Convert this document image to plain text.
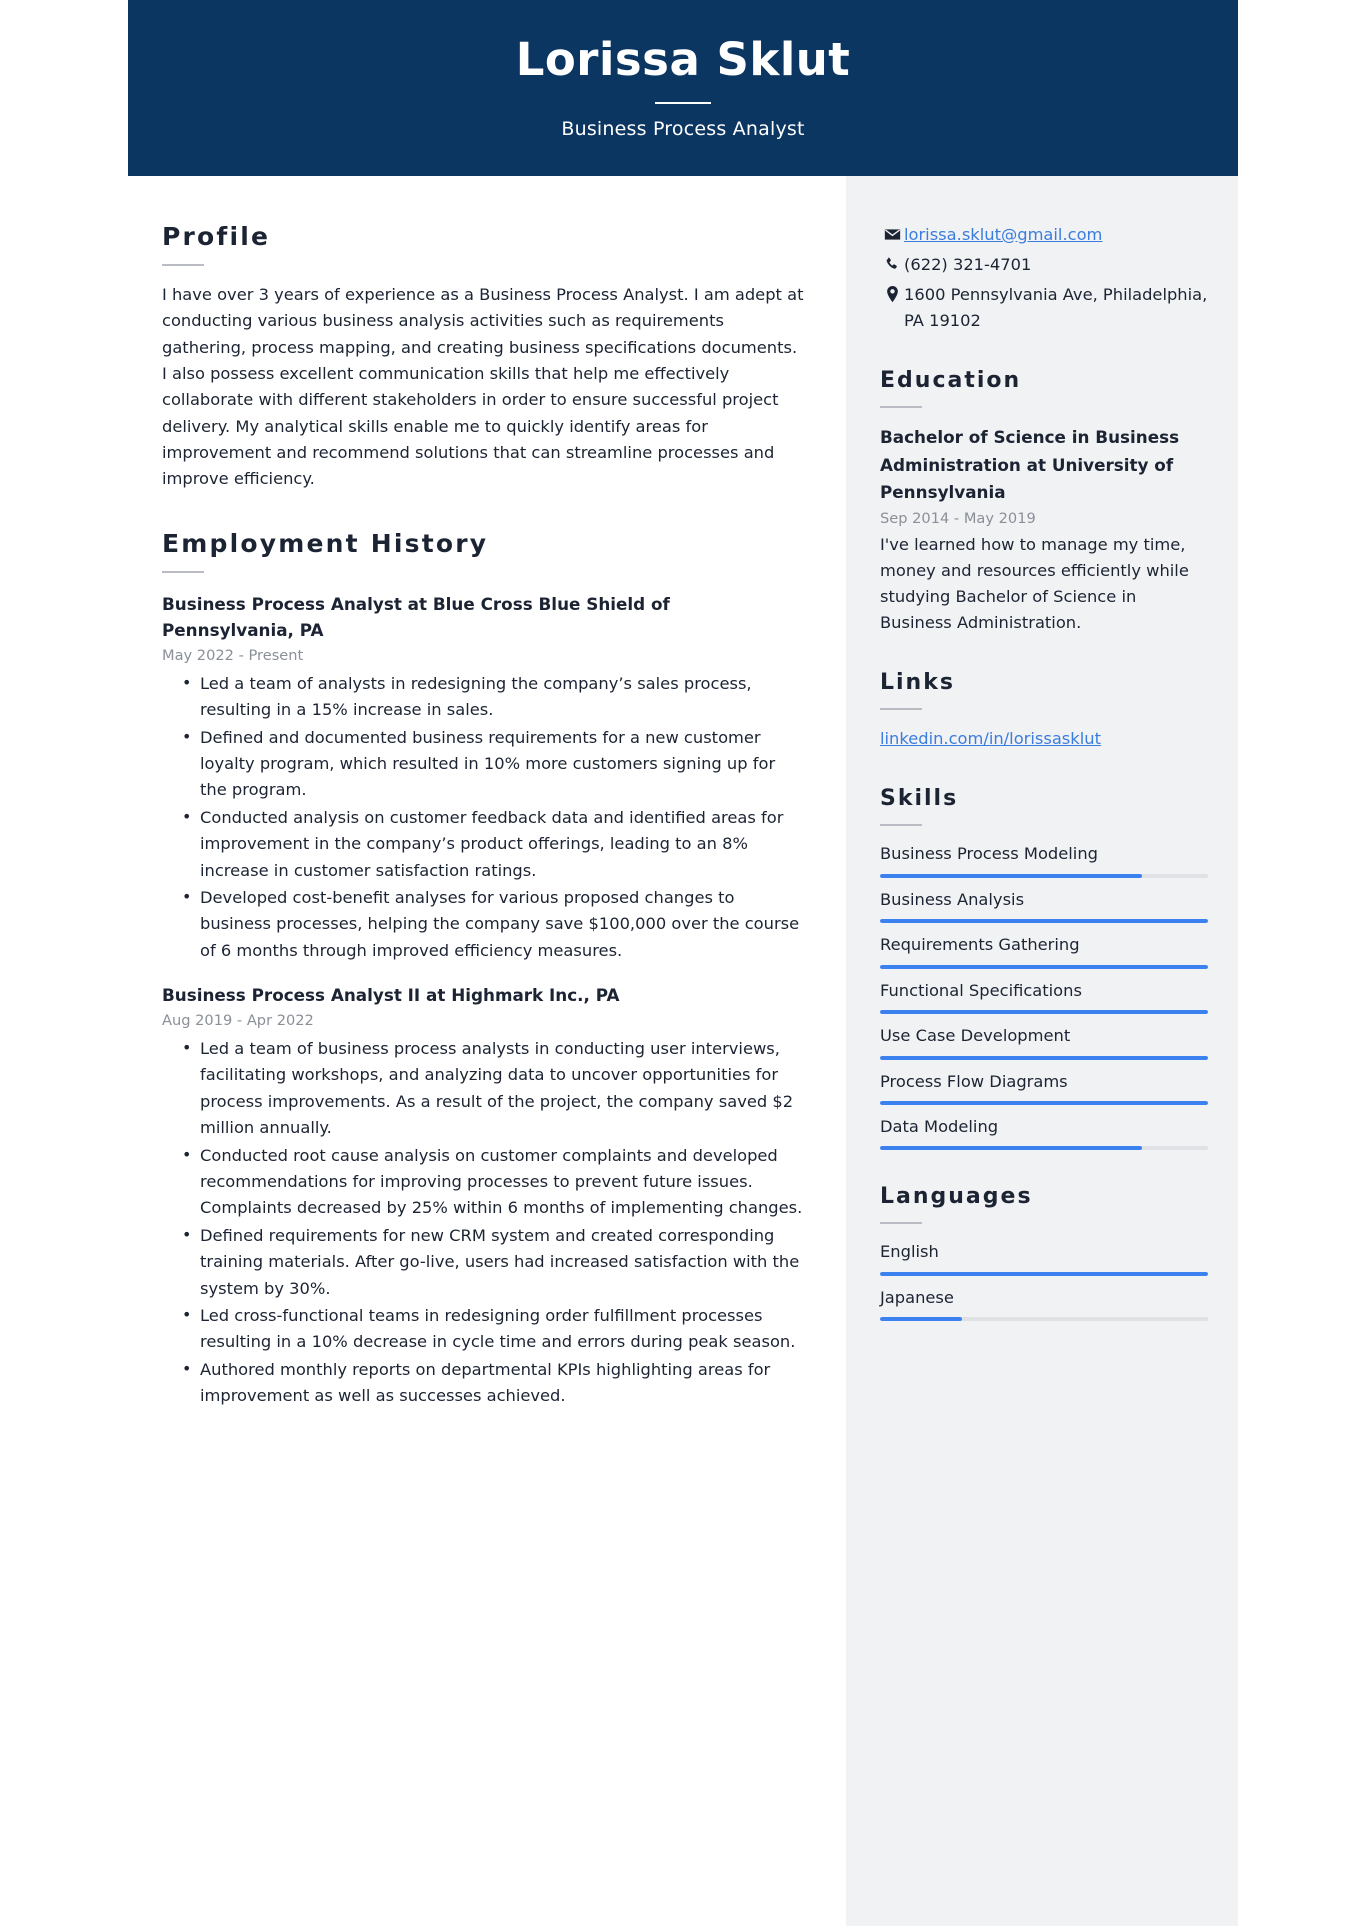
Lorissa Sklut
Business Process Analyst
Profile
I have over 3 years of experience as a Business Process Analyst. I am adept at conducting various business analysis activities such as requirements gathering, process mapping, and creating business specifications documents. I also possess excellent communication skills that help me effectively collaborate with different stakeholders in order to ensure successful project delivery. My analytical skills enable me to quickly identify areas for improvement and recommend solutions that can streamline processes and improve efficiency.
Employment History
Business Process Analyst at Blue Cross Blue Shield of Pennsylvania, PA
May 2022 - Present
• Led a team of analysts in redesigning the company’s sales process, resulting in a 15% increase in sales.
• Defined and documented business requirements for a new customer loyalty program, which resulted in 10% more customers signing up for the program.
• Conducted analysis on customer feedback data and identified areas for improvement in the company’s product offerings, leading to an 8% increase in customer satisfaction ratings.
• Developed cost-benefit analyses for various proposed changes to business processes, helping the company save $100,000 over the course of 6 months through improved efficiency measures.
Business Process Analyst II at Highmark Inc., PA
Aug 2019 - Apr 2022
• Led a team of business process analysts in conducting user interviews, facilitating workshops, and analyzing data to uncover opportunities for process improvements. As a result of the project, the company saved $2 million annually.
• Conducted root cause analysis on customer complaints and developed recommendations for improving processes to prevent future issues. Complaints decreased by 25% within 6 months of implementing changes.
• Defined requirements for new CRM system and created corresponding training materials. After go-live, users had increased satisfaction with the system by 30%.
• Led cross-functional teams in redesigning order fulfillment processes resulting in a 10% decrease in cycle time and errors during peak season.
• Authored monthly reports on departmental KPIs highlighting areas for improvement as well as successes achieved.
lorissa.sklut@gmail.com
(622) 321-4701
1600 Pennsylvania Ave, Philadelphia, PA 19102
Education
Bachelor of Science in Business Administration at University of Pennsylvania
Sep 2014 - May 2019
I've learned how to manage my time, money and resources efficiently while studying Bachelor of Science in Business Administration.
Links
linkedin.com/in/lorissasklut
Skills
Business Process Modeling
Business Analysis
Requirements Gathering
Functional Specifications
Use Case Development
Process Flow Diagrams
Data Modeling
Languages
English
Japanese
